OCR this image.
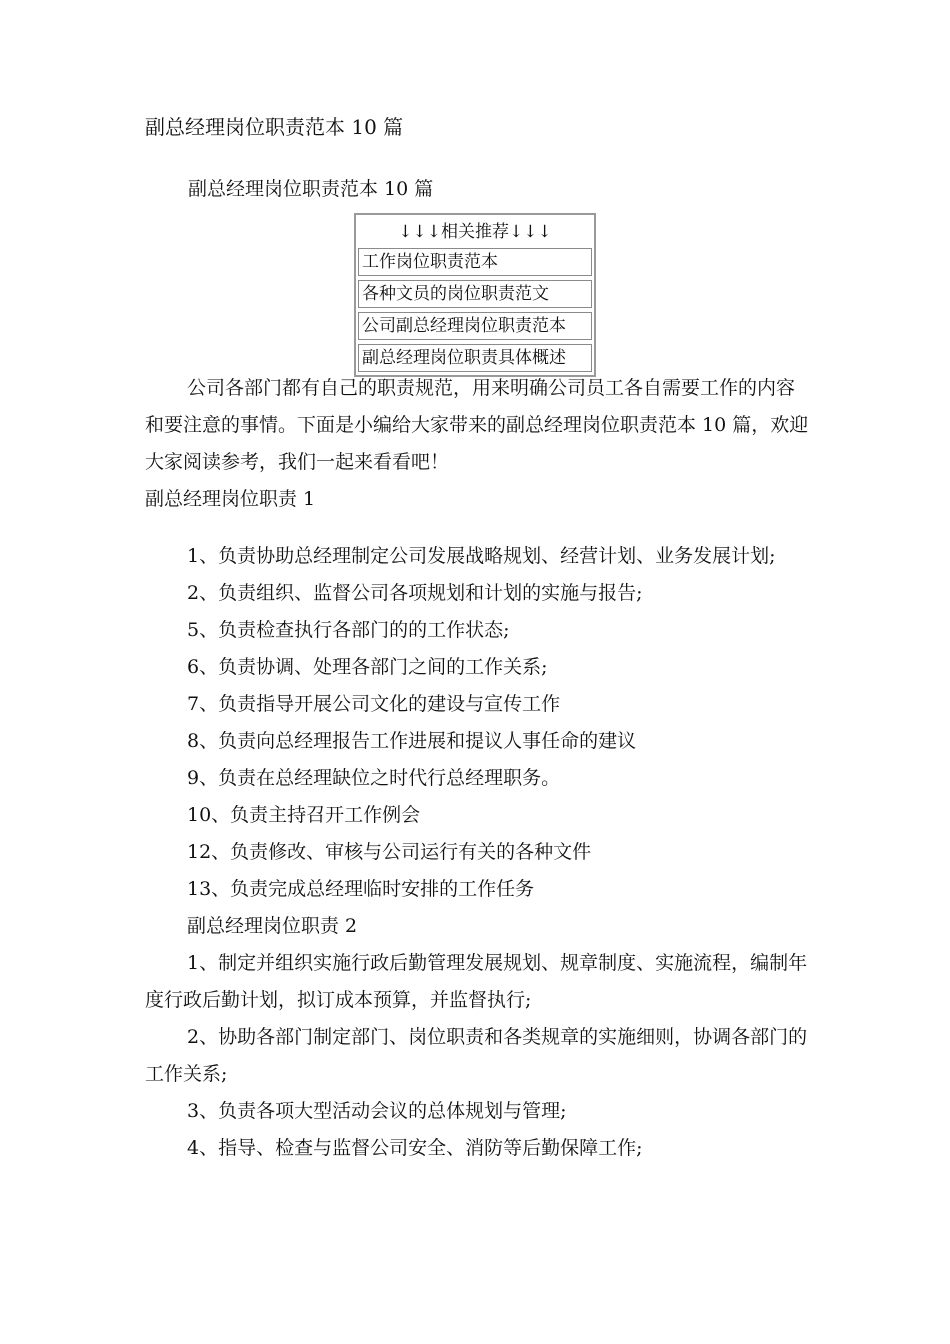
副总经理岗位职责范本 10 篇
副总经理岗位职责范本 10 篇
↓↓↓相关推荐↓↓↓
工作岗位职责范本
各种文员的岗位职责范文
公司副总经理岗位职责范本
副总经理岗位职责具体概述

公司各部门都有自己的职责规范，用来明确公司员工各自需要工作的内容和要注意的事情。下面是小编给大家带来的副总经理岗位职责范本 10 篇，欢迎大家阅读参考，我们一起来看看吧！

副总经理岗位职责 1

1、负责协助总经理制定公司发展战略规划、经营计划、业务发展计划;

2、负责组织、监督公司各项规划和计划的实施与报告;

5、负责检查执行各部门的的工作状态;

6、负责协调、处理各部门之间的工作关系;

7、负责指导开展公司文化的建设与宣传工作

8、负责向总经理报告工作进展和提议人事任命的建议

9、负责在总经理缺位之时代行总经理职务。

10、负责主持召开工作例会

12、负责修改、审核与公司运行有关的各种文件

13、负责完成总经理临时安排的工作任务

副总经理岗位职责 2

1、制定并组织实施行政后勤管理发展规划、规章制度、实施流程，编制年度行政后勤计划，拟订成本预算，并监督执行;

2、协助各部门制定部门、岗位职责和各类规章的实施细则，协调各部门的工作关系;

3、负责各项大型活动会议的总体规划与管理;

4、指导、检查与监督公司安全、消防等后勤保障工作;
